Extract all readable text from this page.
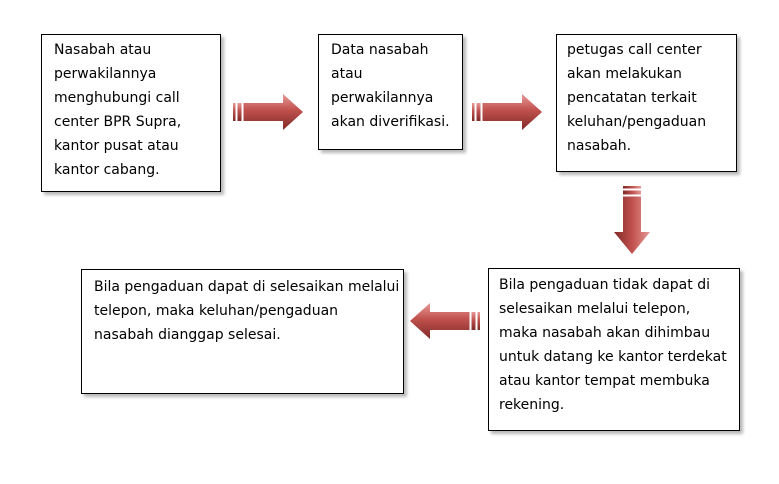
Nasabah atau
perwakilannya
menghubungi call
center BPR Supra,
kantor pusat atau
kantor cabang.
Data nasabah
atau
perwakilannya
akan diverifikasi.
petugas call center
akan melakukan
pencatatan terkait
keluhan/pengaduan
nasabah.
Bila pengaduan tidak dapat di
selesaikan melalui telepon,
maka nasabah akan dihimbau
untuk datang ke kantor terdekat
atau kantor tempat membuka
rekening.
Bila pengaduan dapat di selesaikan melalui
telepon, maka keluhan/pengaduan
nasabah dianggap selesai.
